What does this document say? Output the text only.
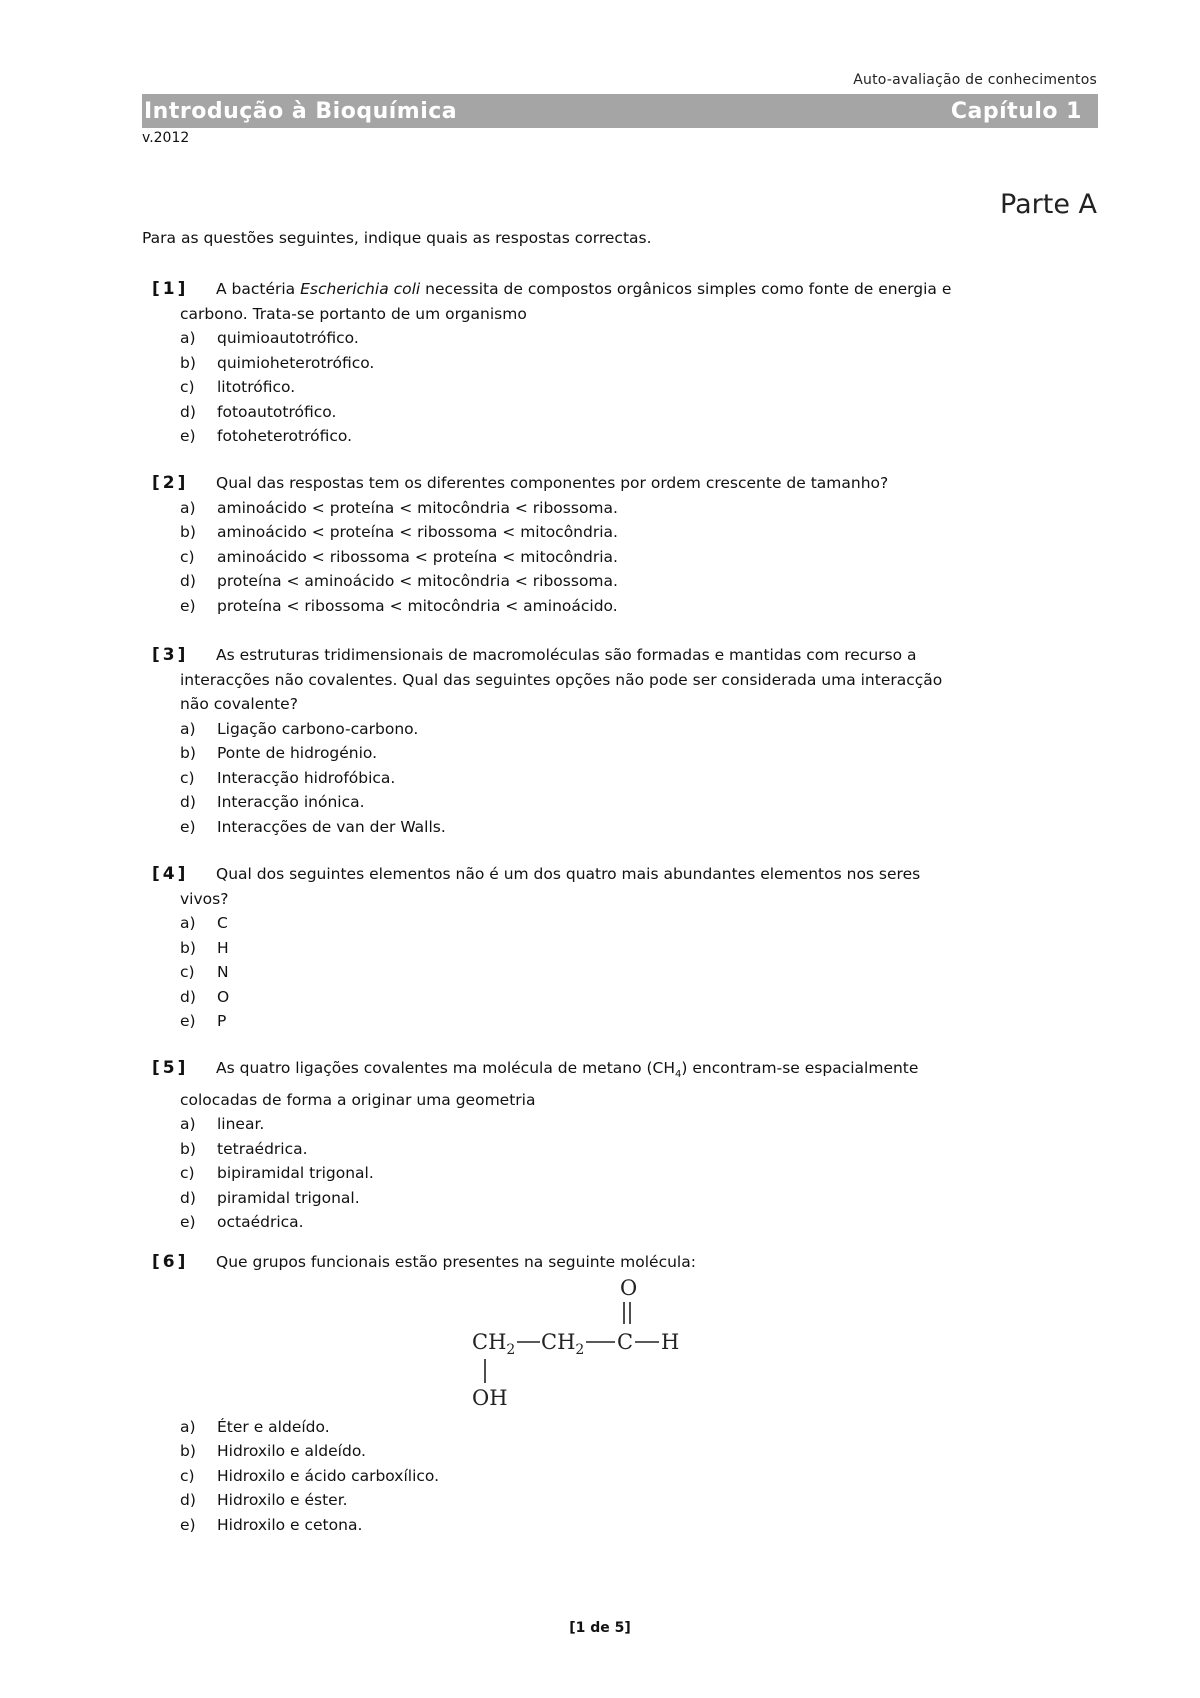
Auto-avaliação de conhecimentos
Introdução à Bioquímica	Capítulo 1
v.2012
Parte A
Para as questões seguintes, indique quais as respostas correctas.
[1]	A bactéria Escherichia coli necessita de compostos orgânicos simples como fonte de energia e
carbono. Trata-se portanto de um organismo
a)	quimioautotrófico.
b)	quimioheterotrófico.
c)	litotrófico.
d)	fotoautotrófico.
e)	fotoheterotrófico.
[2]	Qual das respostas tem os diferentes componentes por ordem crescente de tamanho?
a)	aminoácido < proteína < mitocôndria < ribossoma.
b)	aminoácido < proteína < ribossoma < mitocôndria.
c)	aminoácido < ribossoma < proteína < mitocôndria.
d)	proteína < aminoácido < mitocôndria < ribossoma.
e)	proteína < ribossoma < mitocôndria < aminoácido.
[3]	As estruturas tridimensionais de macromoléculas são formadas e mantidas com recurso a
interacções não covalentes. Qual das seguintes opções não pode ser considerada uma interacção
não covalente?
a)	Ligação carbono-carbono.
b)	Ponte de hidrogénio.
c)	Interacção hidrofóbica.
d)	Interacção inónica.
e)	Interacções de van der Walls.
[4]	Qual dos seguintes elementos não é um dos quatro mais abundantes elementos nos seres
vivos?
a)	C
b)	H
c)	N
d)	O
e)	P
[5]	As quatro ligações covalentes ma molécula de metano $(CH_4)$ encontram-se espacialmente
colocadas de forma a originar uma geometria
a)	linear.
b)	tetraédrica.
c)	bipiramidal trigonal.
d)	piramidal trigonal.
e)	octaédrica.
[6]	Que grupos funcionais estão presentes na seguinte molécula:
O
$CH_2$ $CH_2$ C H
OH
a)	Éter e aldeído.
b)	Hidroxilo e aldeído.
c)	Hidroxilo e ácido carboxílico.
d)	Hidroxilo e éster.
e)	Hidroxilo e cetona.
[1 de 5]
